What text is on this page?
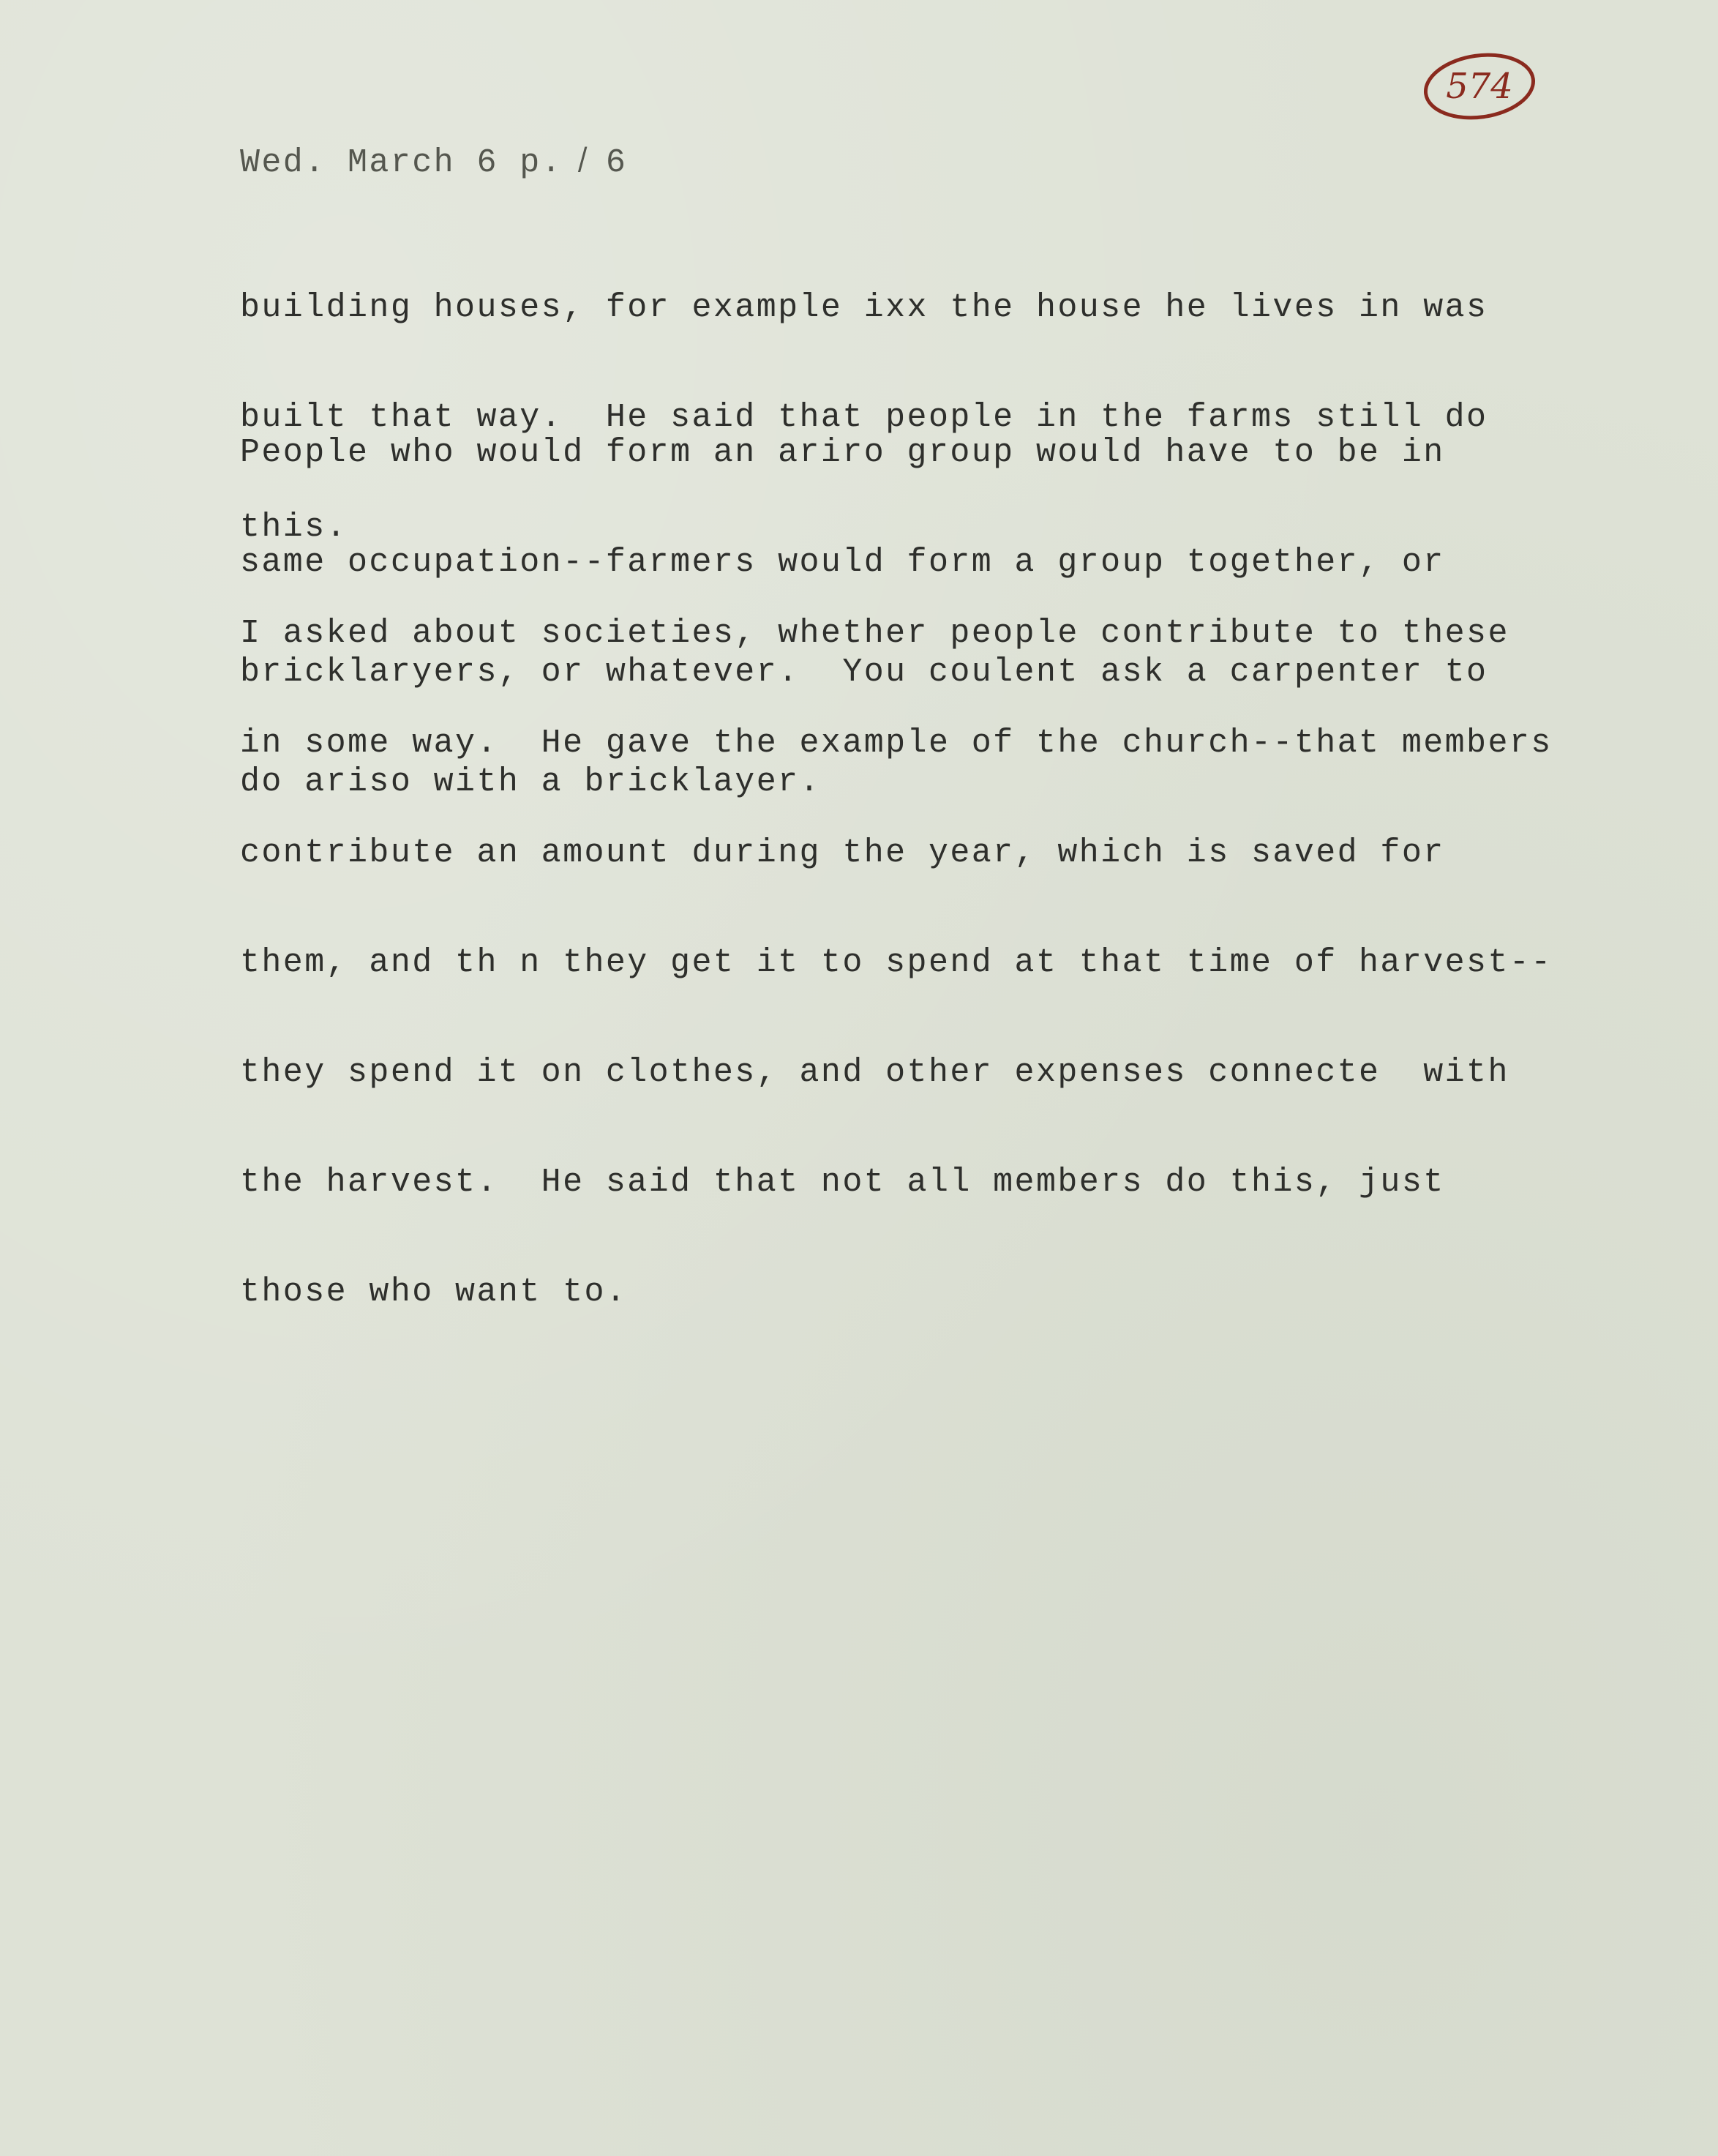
574
Wed. March 6 p. ̸ 6

building houses, for example ixx the house he lives in was

built that way.  He said that people in the farms still do

this.

People who would form an ariro group would have to be in

same occupation--farmers would form a group together, or

bricklaryers, or whatever.  You coulent ask a carpenter to

do ariso with a bricklayer.

I asked about societies, whether people contribute to these

in some way.  He gave the example of the church--that members

contribute an amount during the year, which is saved for

them, and th n they get it to spend at that time of harvest--

they spend it on clothes, and other expenses connecte  with

the harvest.  He said that not all members do this, just

those who want to.
